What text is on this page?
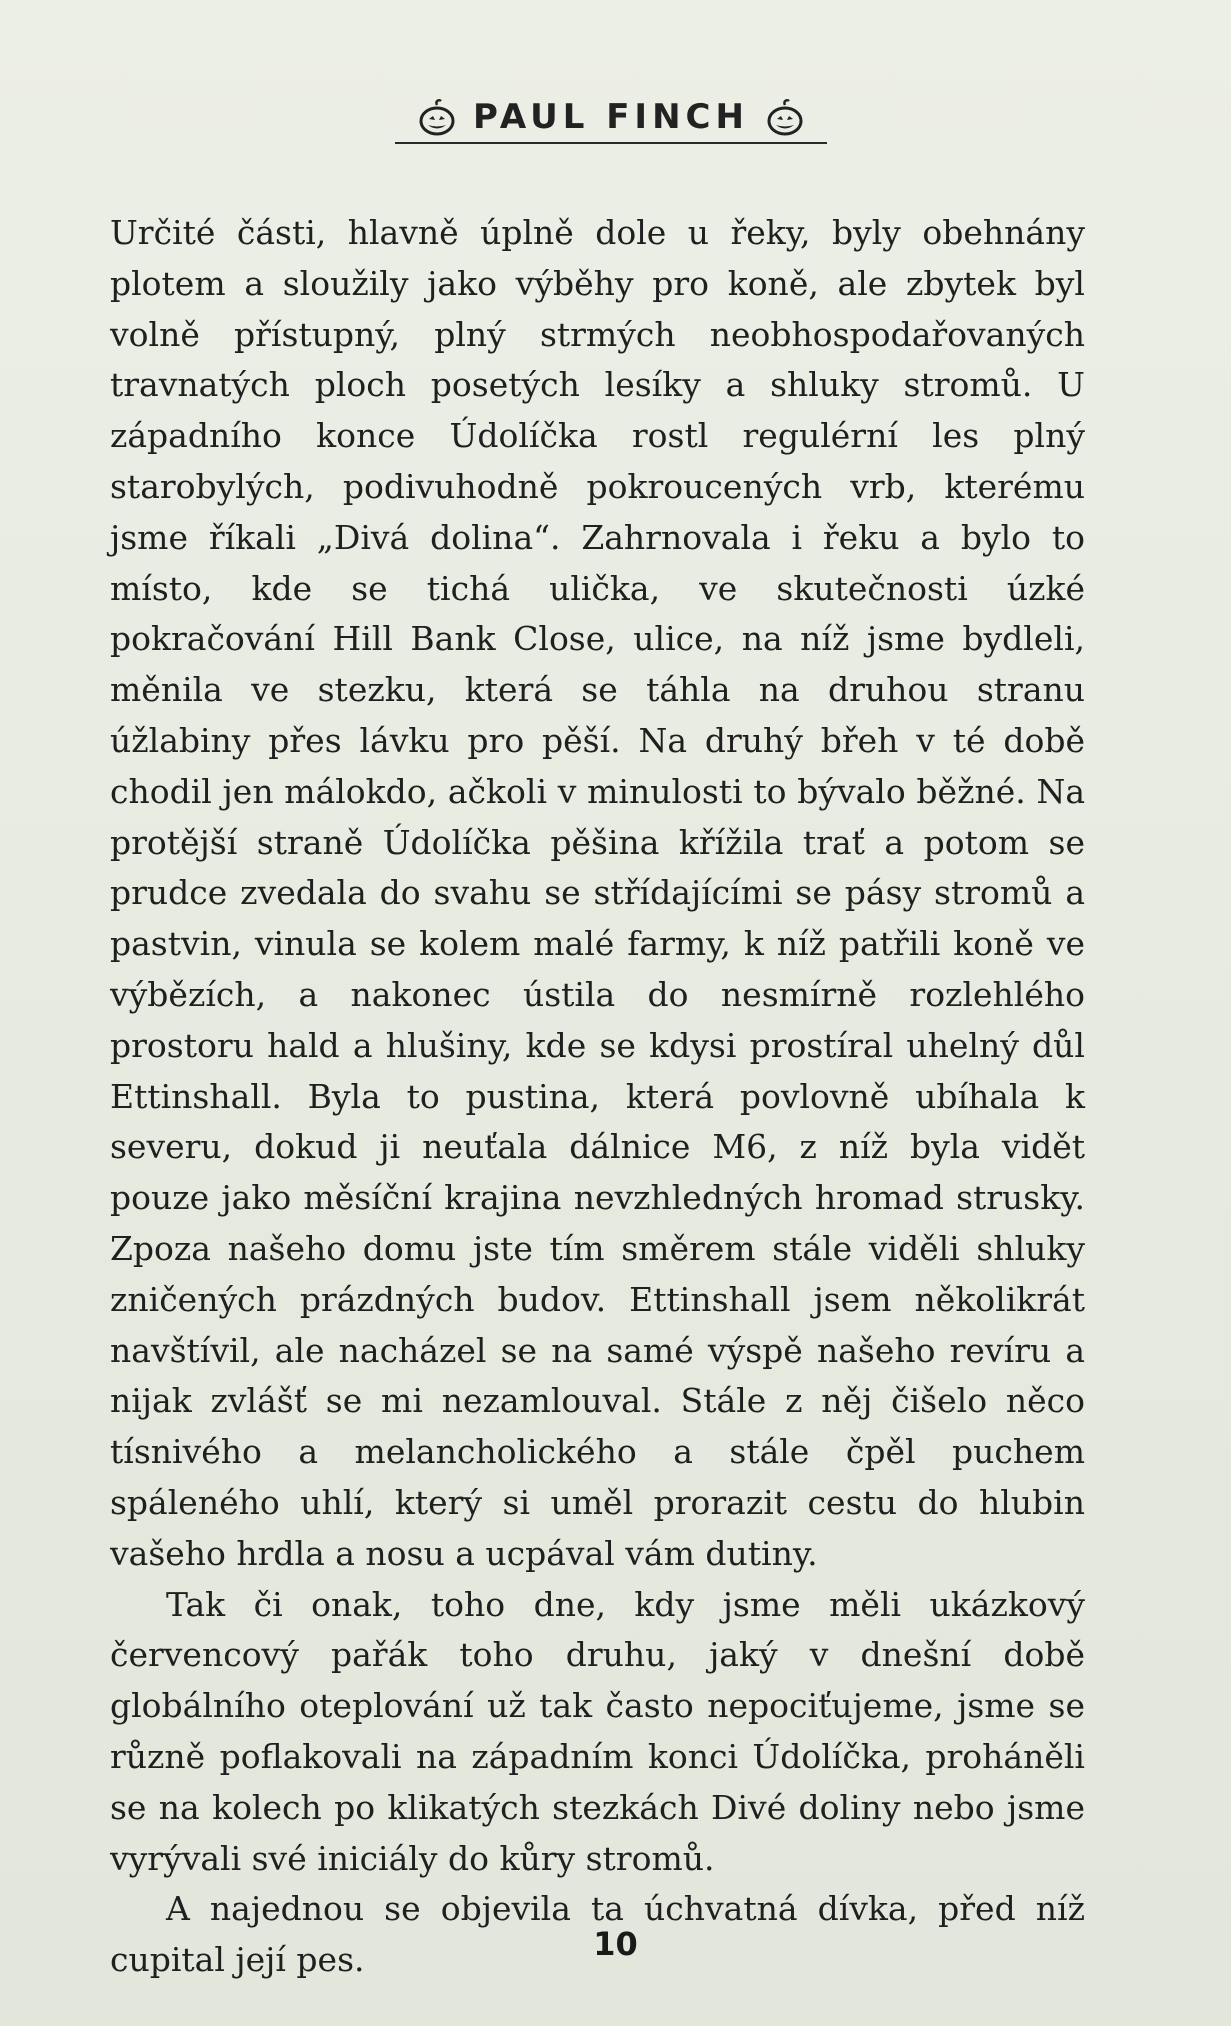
PAUL FINCH

Určité části, hlavně úplně dole u řeky, byly obehnány plotem a sloužily jako výběhy pro koně, ale zbytek byl volně přístupný, plný strmých neobhospodařovaných travnatých ploch posetých lesíky a shluky stromů. U západního konce Údolíčka rostl regulérní les plný starobylých, podivuhodně pokroucených vrb, kterému jsme říkali „Divá dolina“. Zahrnovala i řeku a bylo to místo, kde se tichá ulička, ve skutečnosti úzké pokračování Hill Bank Close, ulice, na níž jsme bydleli, měnila ve stezku, která se táhla na druhou stranu úžlabiny přes lávku pro pěší. Na druhý břeh v té době chodil jen málokdo, ačkoli v minulosti to bývalo běžné. Na protější straně Údolíčka pěšina křížila trať a potom se prudce zvedala do svahu se střídajícími se pásy stromů a pastvin, vinula se kolem malé farmy, k níž patřili koně ve výbězích, a nakonec ústila do nesmírně rozlehlého prostoru hald a hlušiny, kde se kdysi prostíral uhelný důl Ettinshall. Byla to pustina, která povlovně ubíhala k severu, dokud ji neuťala dálnice M6, z níž byla vidět pouze jako měsíční krajina nevzhledných hromad strusky. Zpoza našeho domu jste tím směrem stále viděli shluky zničených prázdných budov. Ettinshall jsem několikrát navštívil, ale nacházel se na samé výspě našeho revíru a nijak zvlášť se mi nezamlouval. Stále z něj čišelo něco tísnivého a melancholického a stále čpěl puchem spáleného uhlí, který si uměl prorazit cestu do hlubin vašeho hrdla a nosu a ucpával vám dutiny.

Tak či onak, toho dne, kdy jsme měli ukázkový červencový pařák toho druhu, jaký v dnešní době globálního oteplování už tak často nepociťujeme, jsme se různě poflakovali na západním konci Údolíčka, proháněli se na kolech po klikatých stezkách Divé doliny nebo jsme vyrývali své iniciály do kůry stromů.

A najednou se objevila ta úchvatná dívka, před níž cupital její pes.	10
